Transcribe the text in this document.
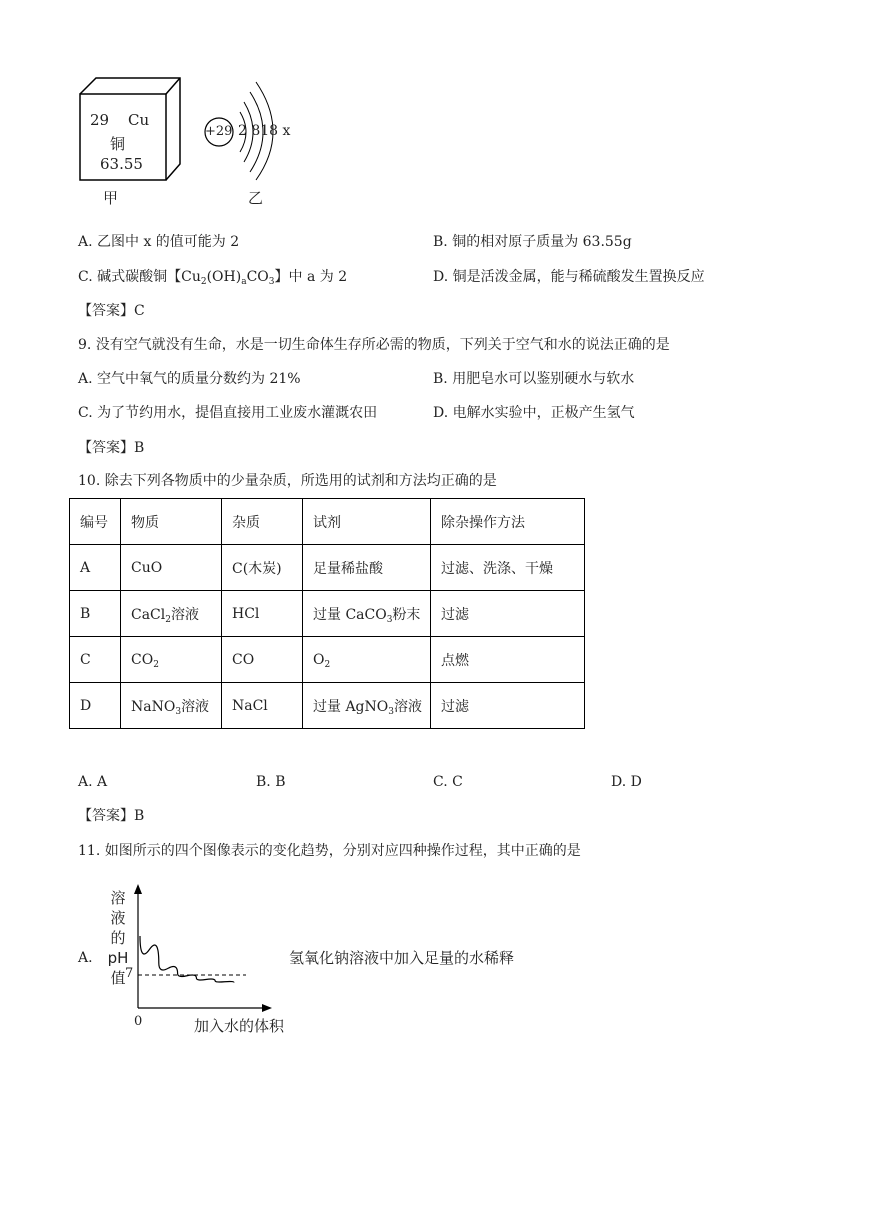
29 Cu
铜
63.55
甲
+29 2 818 x
乙
A. 乙图中 x 的值可能为 2	B. 铜的相对原子质量为 63.55g
C. 碱式碳酸铜【$Cu_2(OH)_aCO_3$】中 a 为 2	D. 铜是活泼金属，能与稀硫酸发生置换反应
【答案】C
9. 没有空气就没有生命，水是一切生命体生存所必需的物质，下列关于空气和水的说法正确的是
A. 空气中氧气的质量分数约为 21%	B. 用肥皂水可以鉴别硬水与软水
C. 为了节约用水，提倡直接用工业废水灌溉农田	D. 电解水实验中，正极产生氢气
【答案】B
10. 除去下列各物质中的少量杂质，所选用的试剂和方法均正确的是
编号	物质	杂质	试剂	除杂操作方法
A	CuO	C(木炭)	足量稀盐酸	过滤、洗涤、干燥
B	CaCl$_2$溶液	HCl	过量 CaCO$_3$粉末	过滤
C	$CO_2$	CO	$O_2$	点燃
D	NaNO$_3$溶液	NaCl	过量 AgNO$_3$溶液	过滤
A. A	B. B	C. C	D. D
【答案】B
11. 如图所示的四个图像表示的变化趋势，分别对应四种操作过程，其中正确的是
A.
溶
液
的
pH
值 7
0	加入水的体积
氢氧化钠溶液中加入足量的水稀释
